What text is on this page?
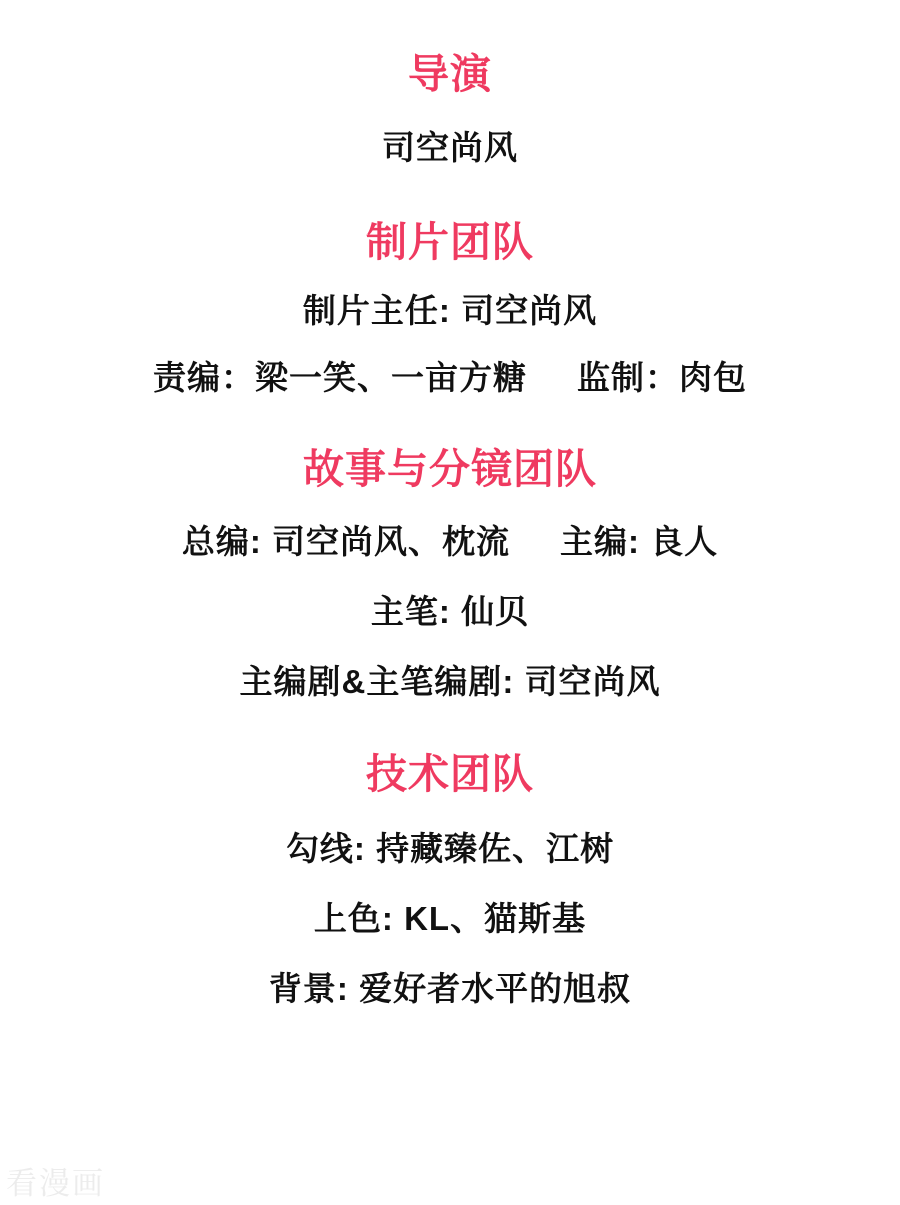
导演
司空尚风
制片团队
制片主任: 司空尚风
责编：梁一笑、一亩方糖 监制：肉包
故事与分镜团队
总编: 司空尚风、枕流 主编: 良人
主笔: 仙贝
主编剧&主笔编剧: 司空尚风
技术团队
勾线: 持藏臻佐、江树
上色: KL、猫斯基
背景: 爱好者水平的旭叔
看漫画
